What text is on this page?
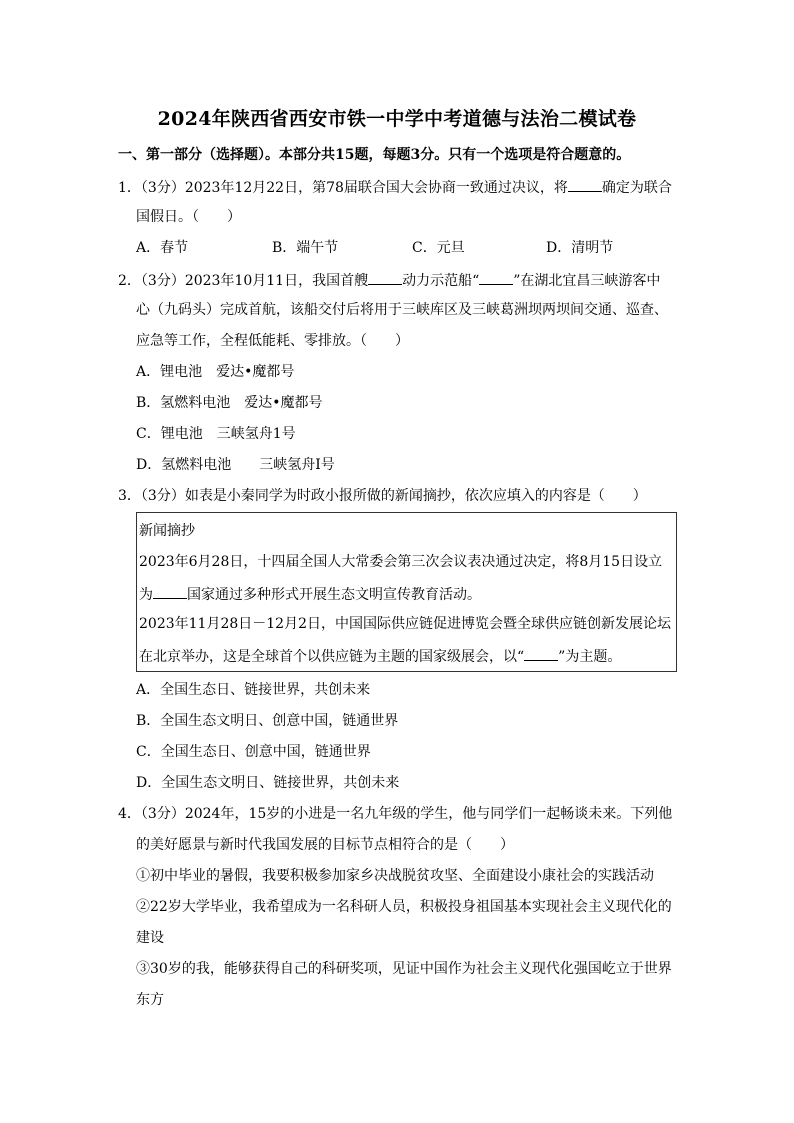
2024年陕西省西安市铁一中学中考道德与法治二模试卷
一、第一部分（选择题）。本部分共15题，每题3分。只有一个选项是符合题意的。
1．（3分）2023年12月22日，第78届联合国大会协商一致通过决议，将 确定为联合
国假日。（　　）
A．春节	B．端午节	C．元旦	D．清明节
2．（3分）2023年10月11日，我国首艘 动力示范船“ ”在湖北宜昌三峡游客中
心（九码头）完成首航，该船交付后将用于三峡库区及三峡葛洲坝两坝间交通、巡查、
应急等工作，全程低能耗、零排放。（　　）
A．锂电池　爱达•魔都号
B．氢燃料电池　爱达•魔都号
C．锂电池　三峡氢舟1号
D．氢燃料电池　　三峡氢舟Ⅰ号
3．（3分）如表是小秦同学为时政小报所做的新闻摘抄，依次应填入的内容是（　　）
新闻摘抄
2023年6月28日，十四届全国人大常委会第三次会议表决通过决定，将8月15日设立
为 国家通过多种形式开展生态文明宣传教育活动。
2023年11月28日－12月2日，中国国际供应链促进博览会暨全球供应链创新发展论坛
在北京举办，这是全球首个以供应链为主题的国家级展会，以“ ”为主题。
A．全国生态日、链接世界，共创未来
B．全国生态文明日、创意中国，链通世界
C．全国生态日、创意中国，链通世界
D．全国生态文明日、链接世界，共创未来
4．（3分）2024年，15岁的小进是一名九年级的学生，他与同学们一起畅谈未来。下列他
的美好愿景与新时代我国发展的目标节点相符合的是（　　）
①初中毕业的暑假，我要积极参加家乡决战脱贫攻坚、全面建设小康社会的实践活动
②22岁大学毕业，我希望成为一名科研人员，积极投身祖国基本实现社会主义现代化的
建设
③30岁的我，能够获得自己的科研奖项，见证中国作为社会主义现代化强国屹立于世界
东方
